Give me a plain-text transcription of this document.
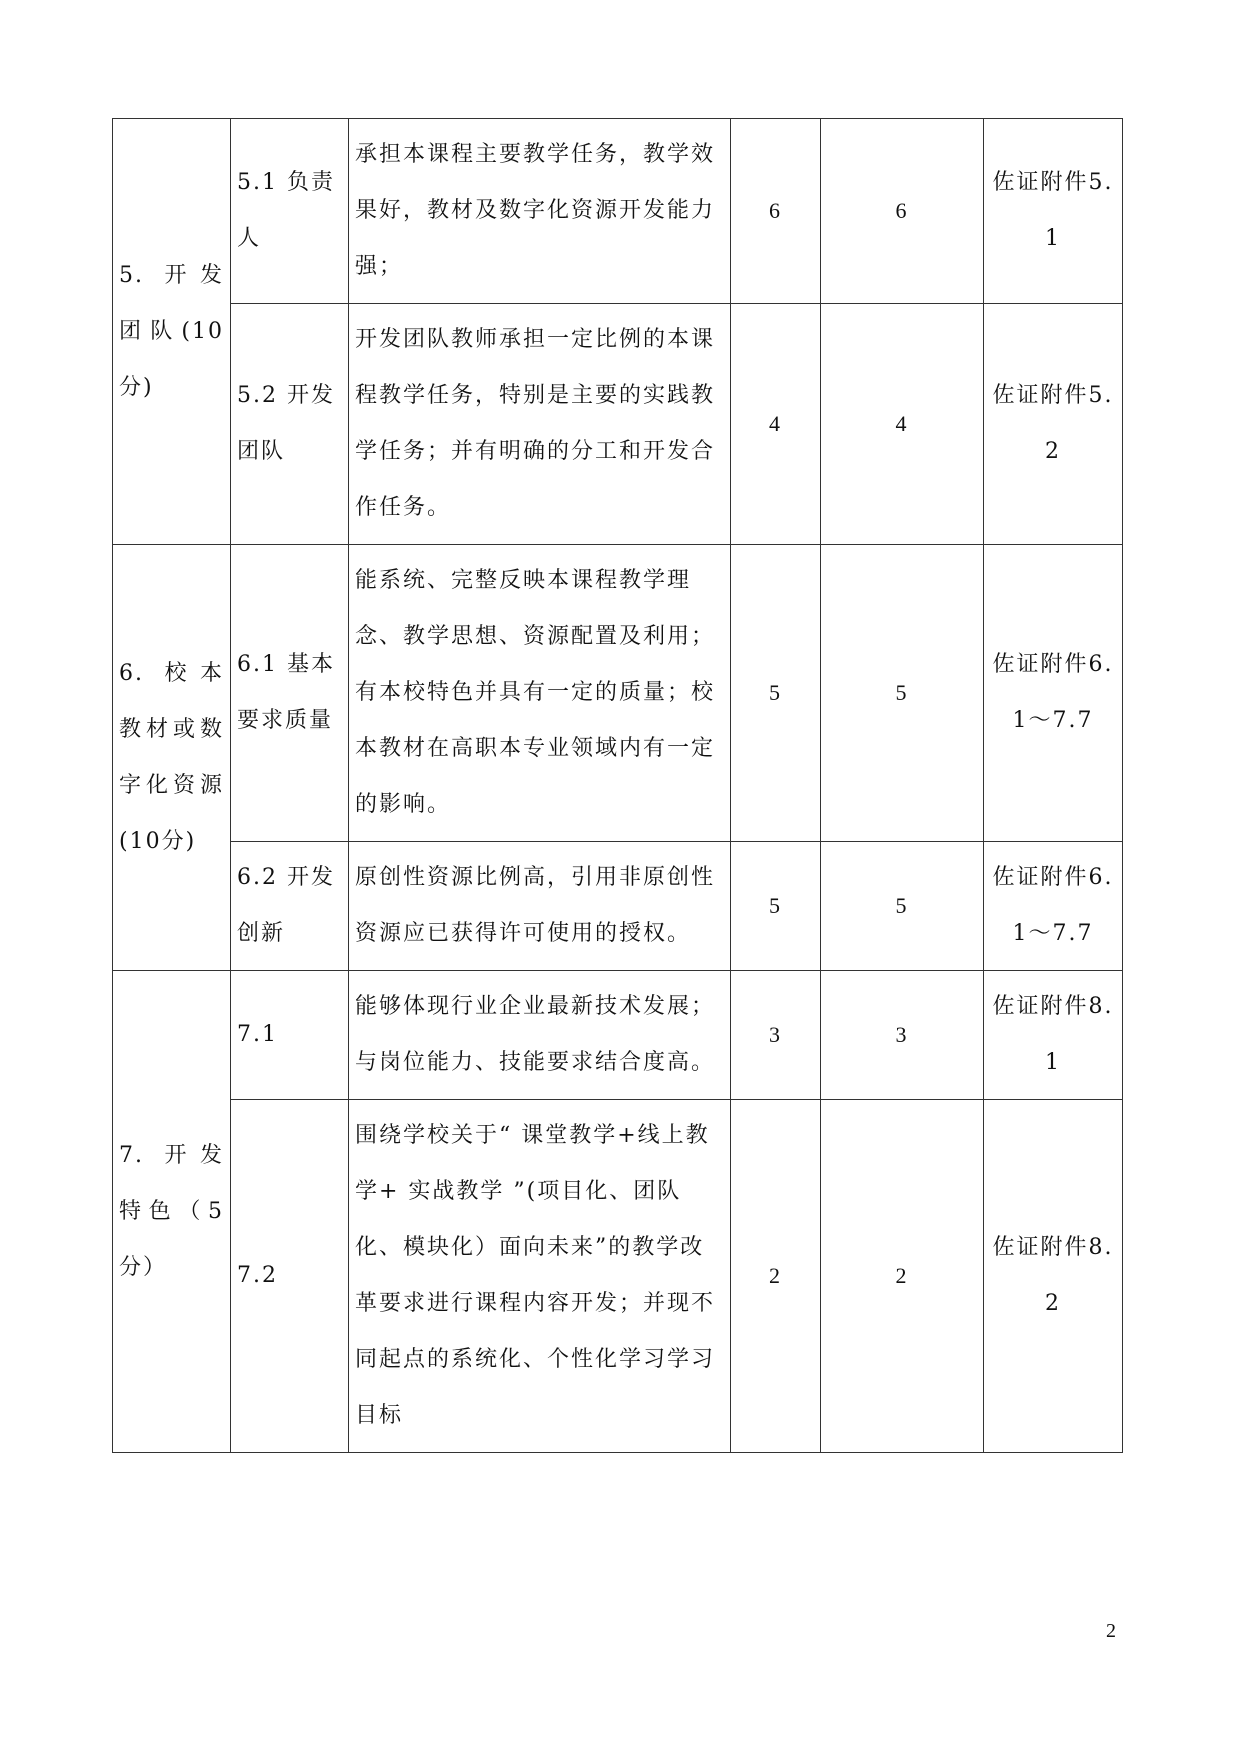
5. 开发团队(10分)	5.1 负责人	承担本课程主要教学任务，教学效果好，教材及数字化资源开发能力强；	6	6	佐证附件5.1
	5.2 开发团队	开发团队教师承担一定比例的本课程教学任务，特别是主要的实践教学任务；并有明确的分工和开发合作任务。	4	4	佐证附件5.2
6. 校本教材或数字化资源(10分)	6.1 基本要求质量	能系统、完整反映本课程教学理念、教学思想、资源配置及利用；有本校特色并具有一定的质量；校本教材在高职本专业领域内有一定的影响。	5	5	佐证附件6.1～7.7
	6.2 开发创新	原创性资源比例高，引用非原创性资源应已获得许可使用的授权。	5	5	佐证附件6.1～7.7
7. 开发特色（5分）	7.1	能够体现行业企业最新技术发展；与岗位能力、技能要求结合度高。	3	3	佐证附件8.1
	7.2	围绕学校关于“ 课堂教学+线上教学+ 实战教学 ”(项目化、团队化、模块化）面向未来”的教学改革要求进行课程内容开发；并现不同起点的系统化、个性化学习学习目标	2	2	佐证附件8.2
2
